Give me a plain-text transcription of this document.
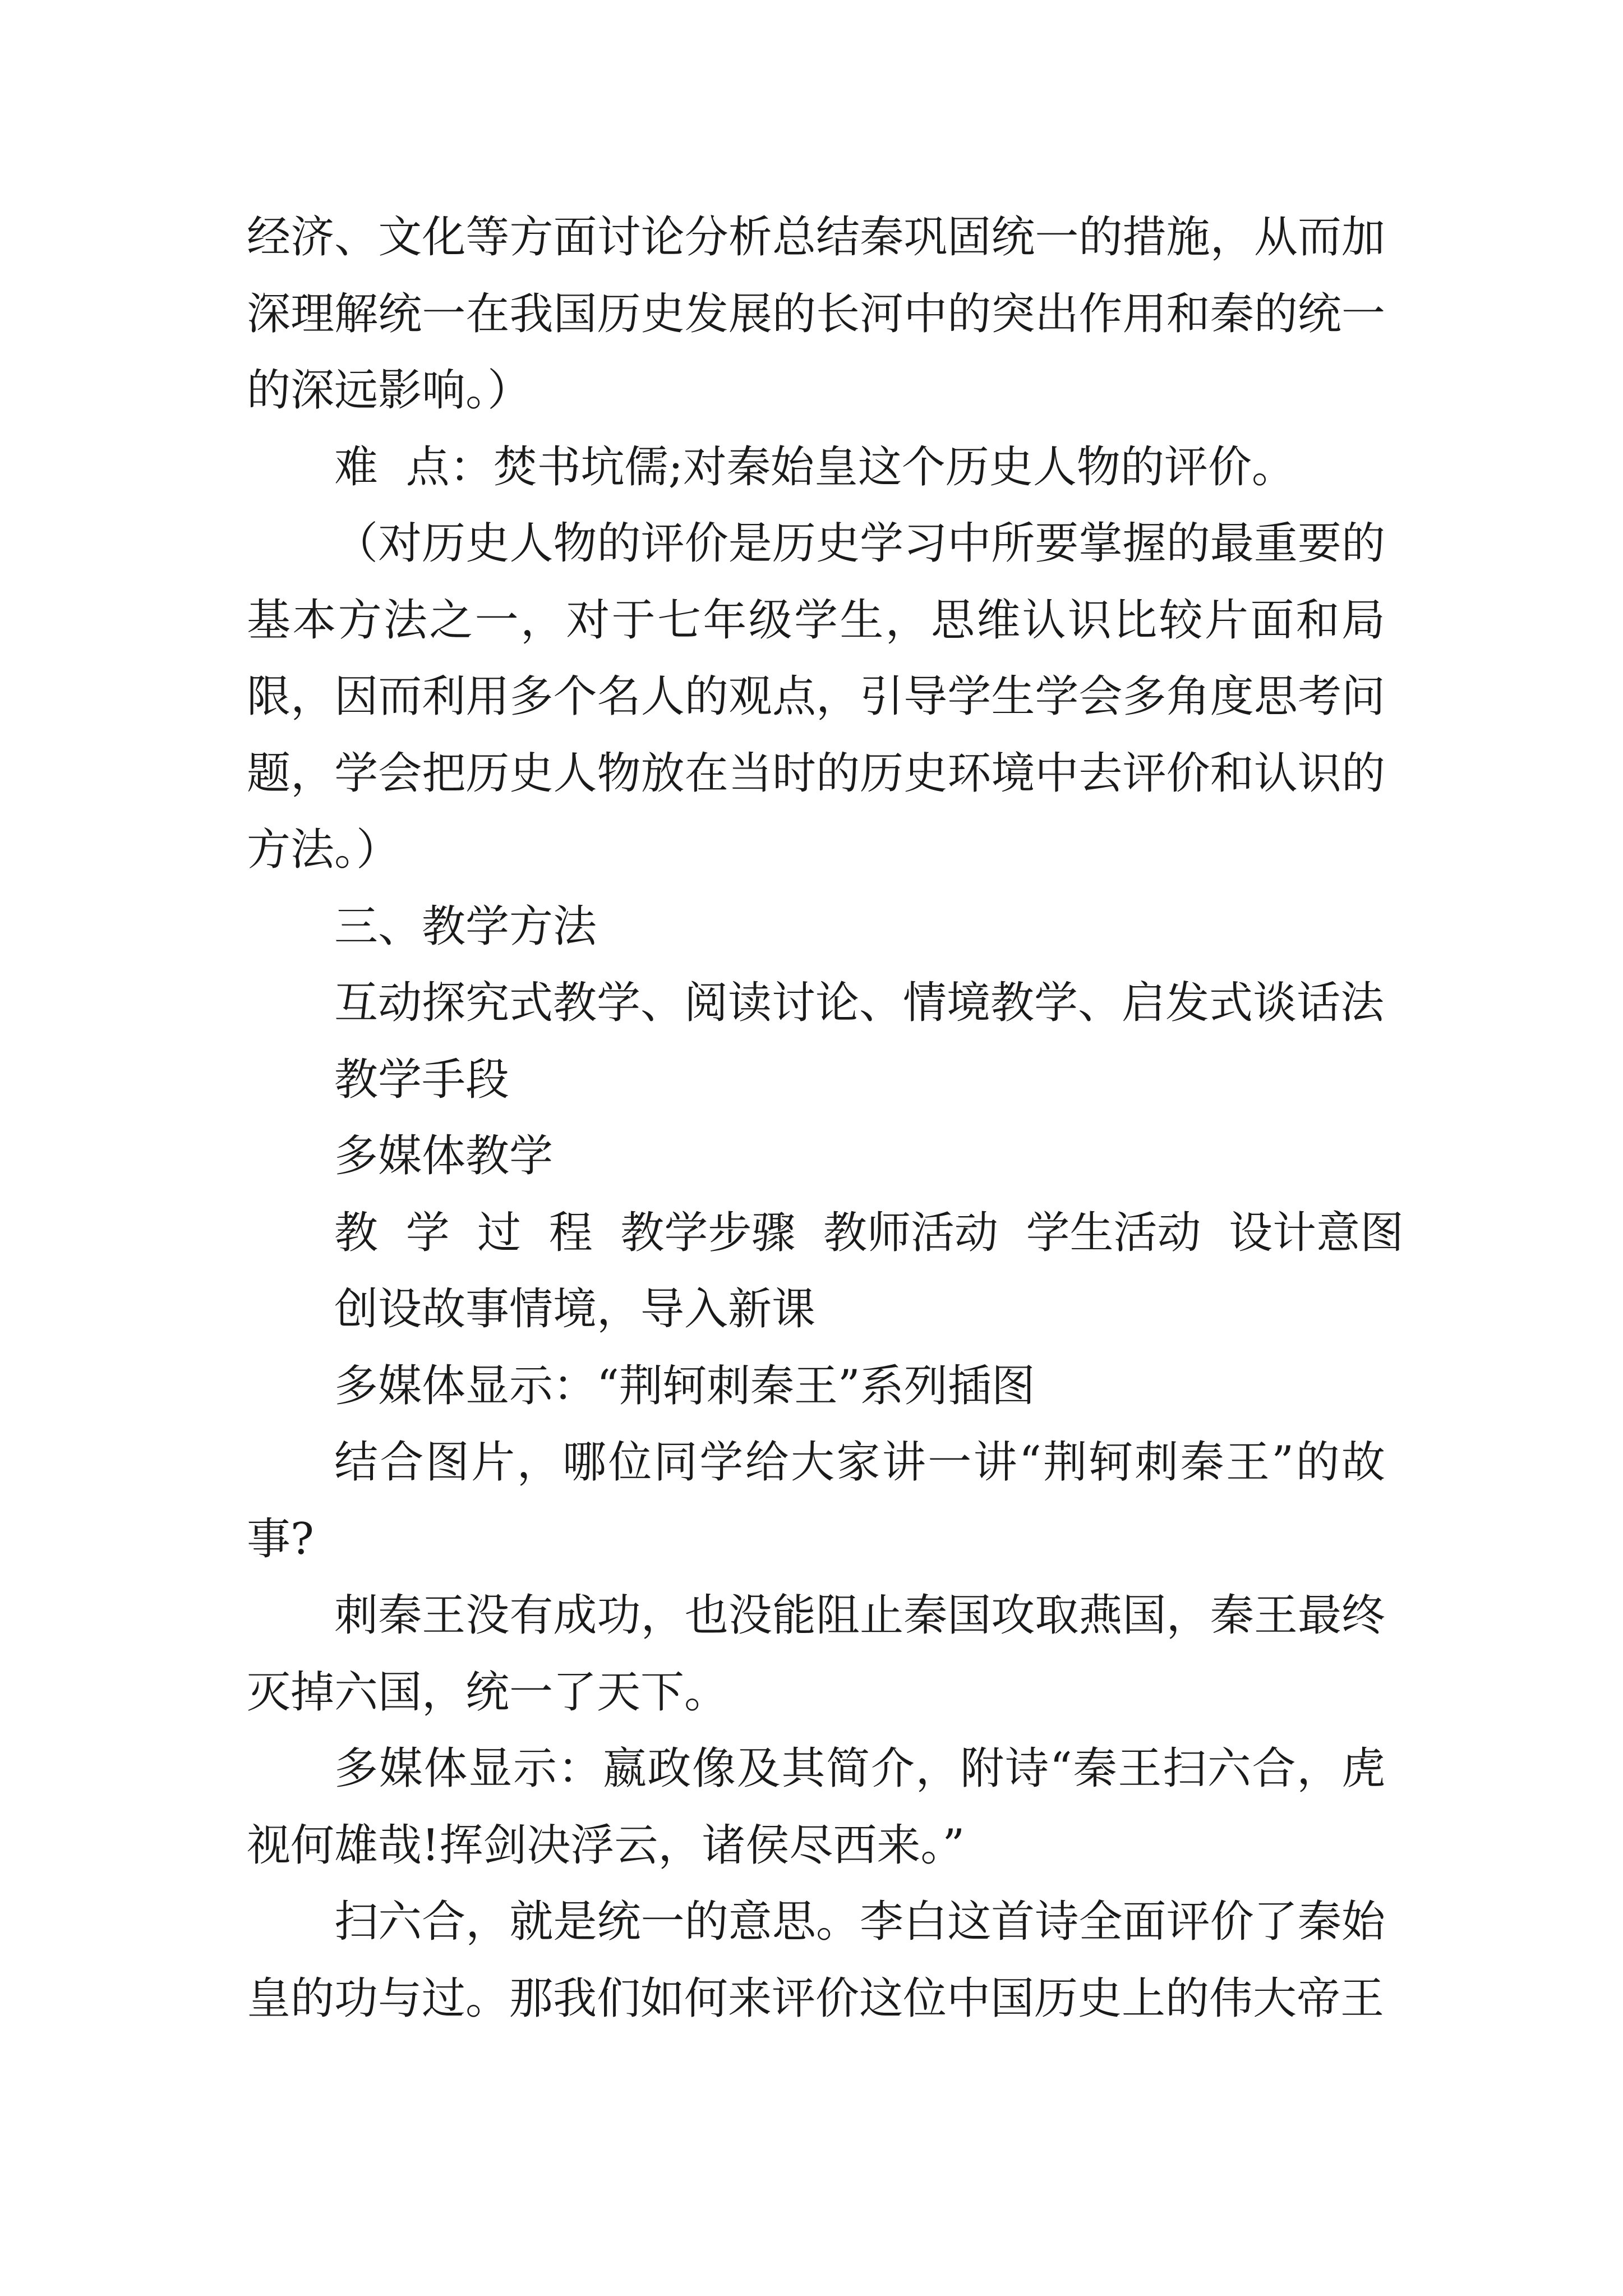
经济、文化等方面讨论分析总结秦巩固统一的措施，从而加深理解统一在我国历史发展的长河中的突出作用和秦的统一的深远影响。）

难  点：焚书坑儒;对秦始皇这个历史人物的评价。

（对历史人物的评价是历史学习中所要掌握的最重要的基本方法之一，对于七年级学生，思维认识比较片面和局限，因而利用多个名人的观点，引导学生学会多角度思考问题，学会把历史人物放在当时的历史环境中去评价和认识的方法。）

三、教学方法

互动探究式教学、阅读讨论、情境教学、启发式谈话法

教学手段

多媒体教学

教  学  过  程  教学步骤  教师活动  学生活动  设计意图

创设故事情境，导入新课

多媒体显示：“荆轲刺秦王”系列插图

结合图片，哪位同学给大家讲一讲“荆轲刺秦王”的故事?

刺秦王没有成功，也没能阻止秦国攻取燕国，秦王最终灭掉六国，统一了天下。

多媒体显示：嬴政像及其简介，附诗“秦王扫六合，虎视何雄哉!挥剑决浮云，诸侯尽西来。”

扫六合，就是统一的意思。李白这首诗全面评价了秦始皇的功与过。那我们如何来评价这位中国历史上的伟大帝王
